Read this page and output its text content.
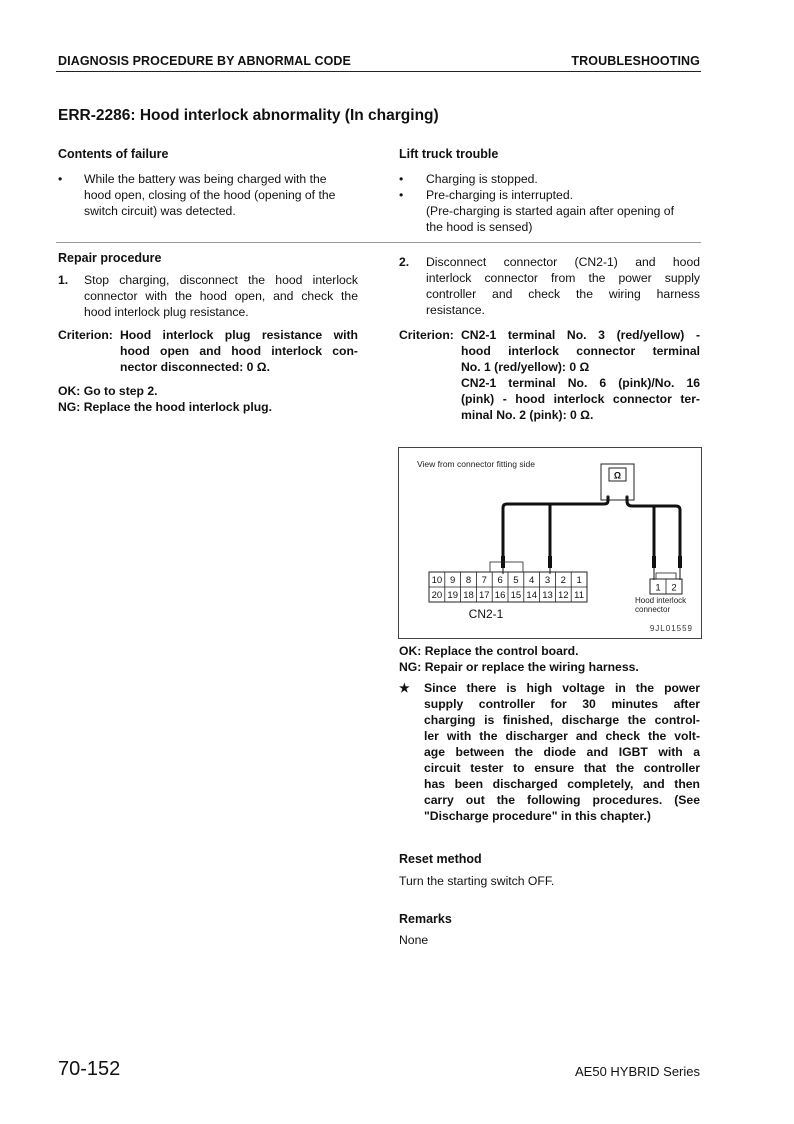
DIAGNOSIS PROCEDURE BY ABNORMAL CODE	TROUBLESHOOTING
ERR-2286: Hood interlock abnormality (In charging)
Contents of failure
• While the battery was being charged with the
hood open, closing of the hood (opening of the
switch circuit) was detected.
Lift truck trouble
• Charging is stopped.
• Pre-charging is interrupted.
(Pre-charging is started again after opening of
the hood is sensed)
Repair procedure
1. Stop charging, disconnect the hood interlock
connector with the hood open, and check the
hood interlock plug resistance.
Criterion: Hood interlock plug resistance with
hood open and hood interlock con-
nector disconnected: 0 Ω.
OK: Go to step 2.
NG: Replace the hood interlock plug.
2. Disconnect connector (CN2-1) and hood
interlock connector from the power supply
controller and check the wiring harness
resistance.
Criterion: CN2-1 terminal No. 3 (red/yellow) -
hood interlock connector terminal
No. 1 (red/yellow): 0 Ω
CN2-1 terminal No. 6 (pink)/No. 16
(pink) - hood interlock connector ter-
minal No. 2 (pink): 0 Ω.
View from connector fitting side
Ω
10 9 8 7 6 5 4 3 2 1
20 19 18 17 16 15 14 13 12 11
CN2-1
1 2
Hood interlock
connector
9JL01559
OK: Replace the control board.
NG: Repair or replace the wiring harness.
★ Since there is high voltage in the power
supply controller for 30 minutes after
charging is finished, discharge the control-
ler with the discharger and check the volt-
age between the diode and IGBT with a
circuit tester to ensure that the controller
has been discharged completely, and then
carry out the following procedures. (See
"Discharge procedure" in this chapter.)
Reset method
Turn the starting switch OFF.
Remarks
None
70-152	AE50 HYBRID Series
